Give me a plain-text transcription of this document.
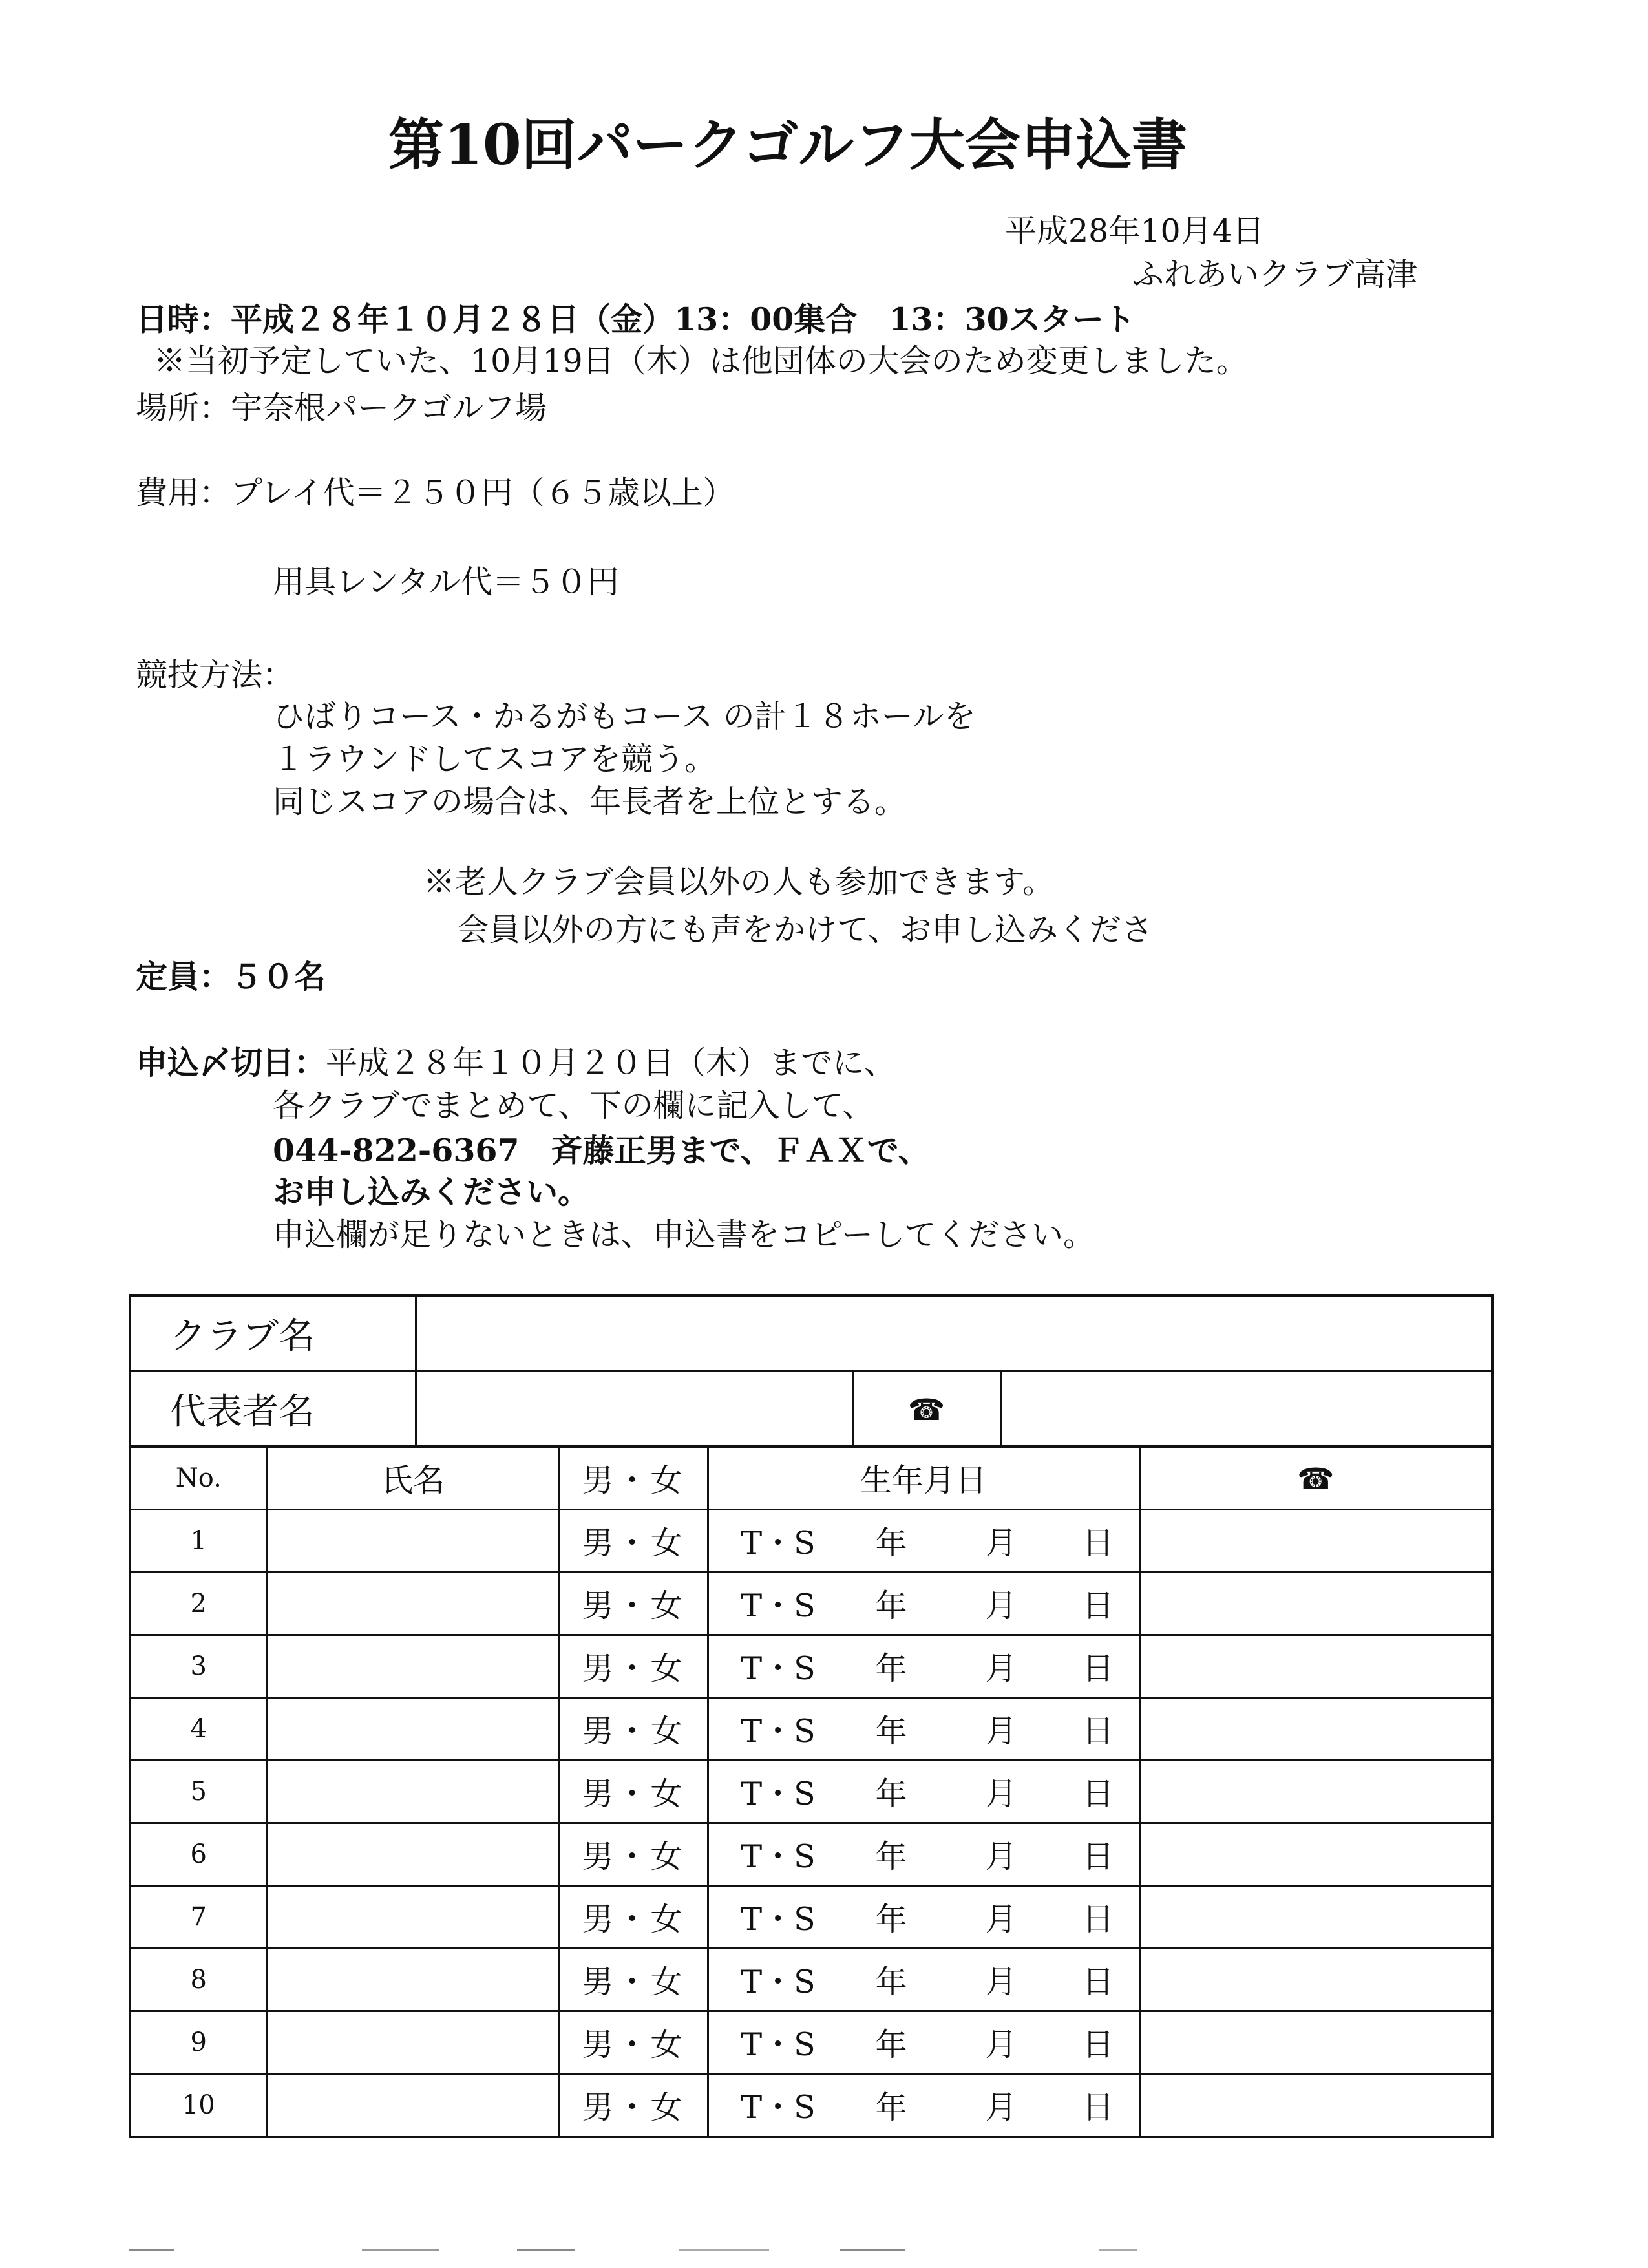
第10回パークゴルフ大会申込書
平成28年10月4日
ふれあいクラブ高津
日時：平成２８年１０月２８日（金）13：00集合　13：30スタート
※当初予定していた、10月19日（木）は他団体の大会のため変更しました。
場所：宇奈根パークゴルフ場
費用：プレイ代＝２５０円（６５歳以上）
用具レンタル代＝５０円
競技方法：
ひばりコース・かるがもコース の計１８ホールを
１ラウンドしてスコアを競う。
同じスコアの場合は、年長者を上位とする。
※老人クラブ会員以外の人も参加できます。
会員以外の方にも声をかけて、お申し込みくださ
定員：５０名
申込〆切日：平成２８年１０月２０日（木）までに、
各クラブでまとめて、下の欄に記入して、
044-822-6367　 斉藤正男まで、ＦＡＸで、
お申し込みください。
申込欄が足りないときは、申込書をコピーしてください。
クラブ名			
代表者名		☎	
No.	氏名	男・女	生年月日	☎
1		男・女	T・S 年 月 日	

2		男・女	T・S 年 月 日	

3		男・女	T・S 年 月 日	

4		男・女	T・S 年 月 日	

5		男・女	T・S 年 月 日	

6		男・女	T・S 年 月 日	

7		男・女	T・S 年 月 日	

8		男・女	T・S 年 月 日	

9		男・女	T・S 年 月 日	

10		男・女	T・S 年 月 日	
